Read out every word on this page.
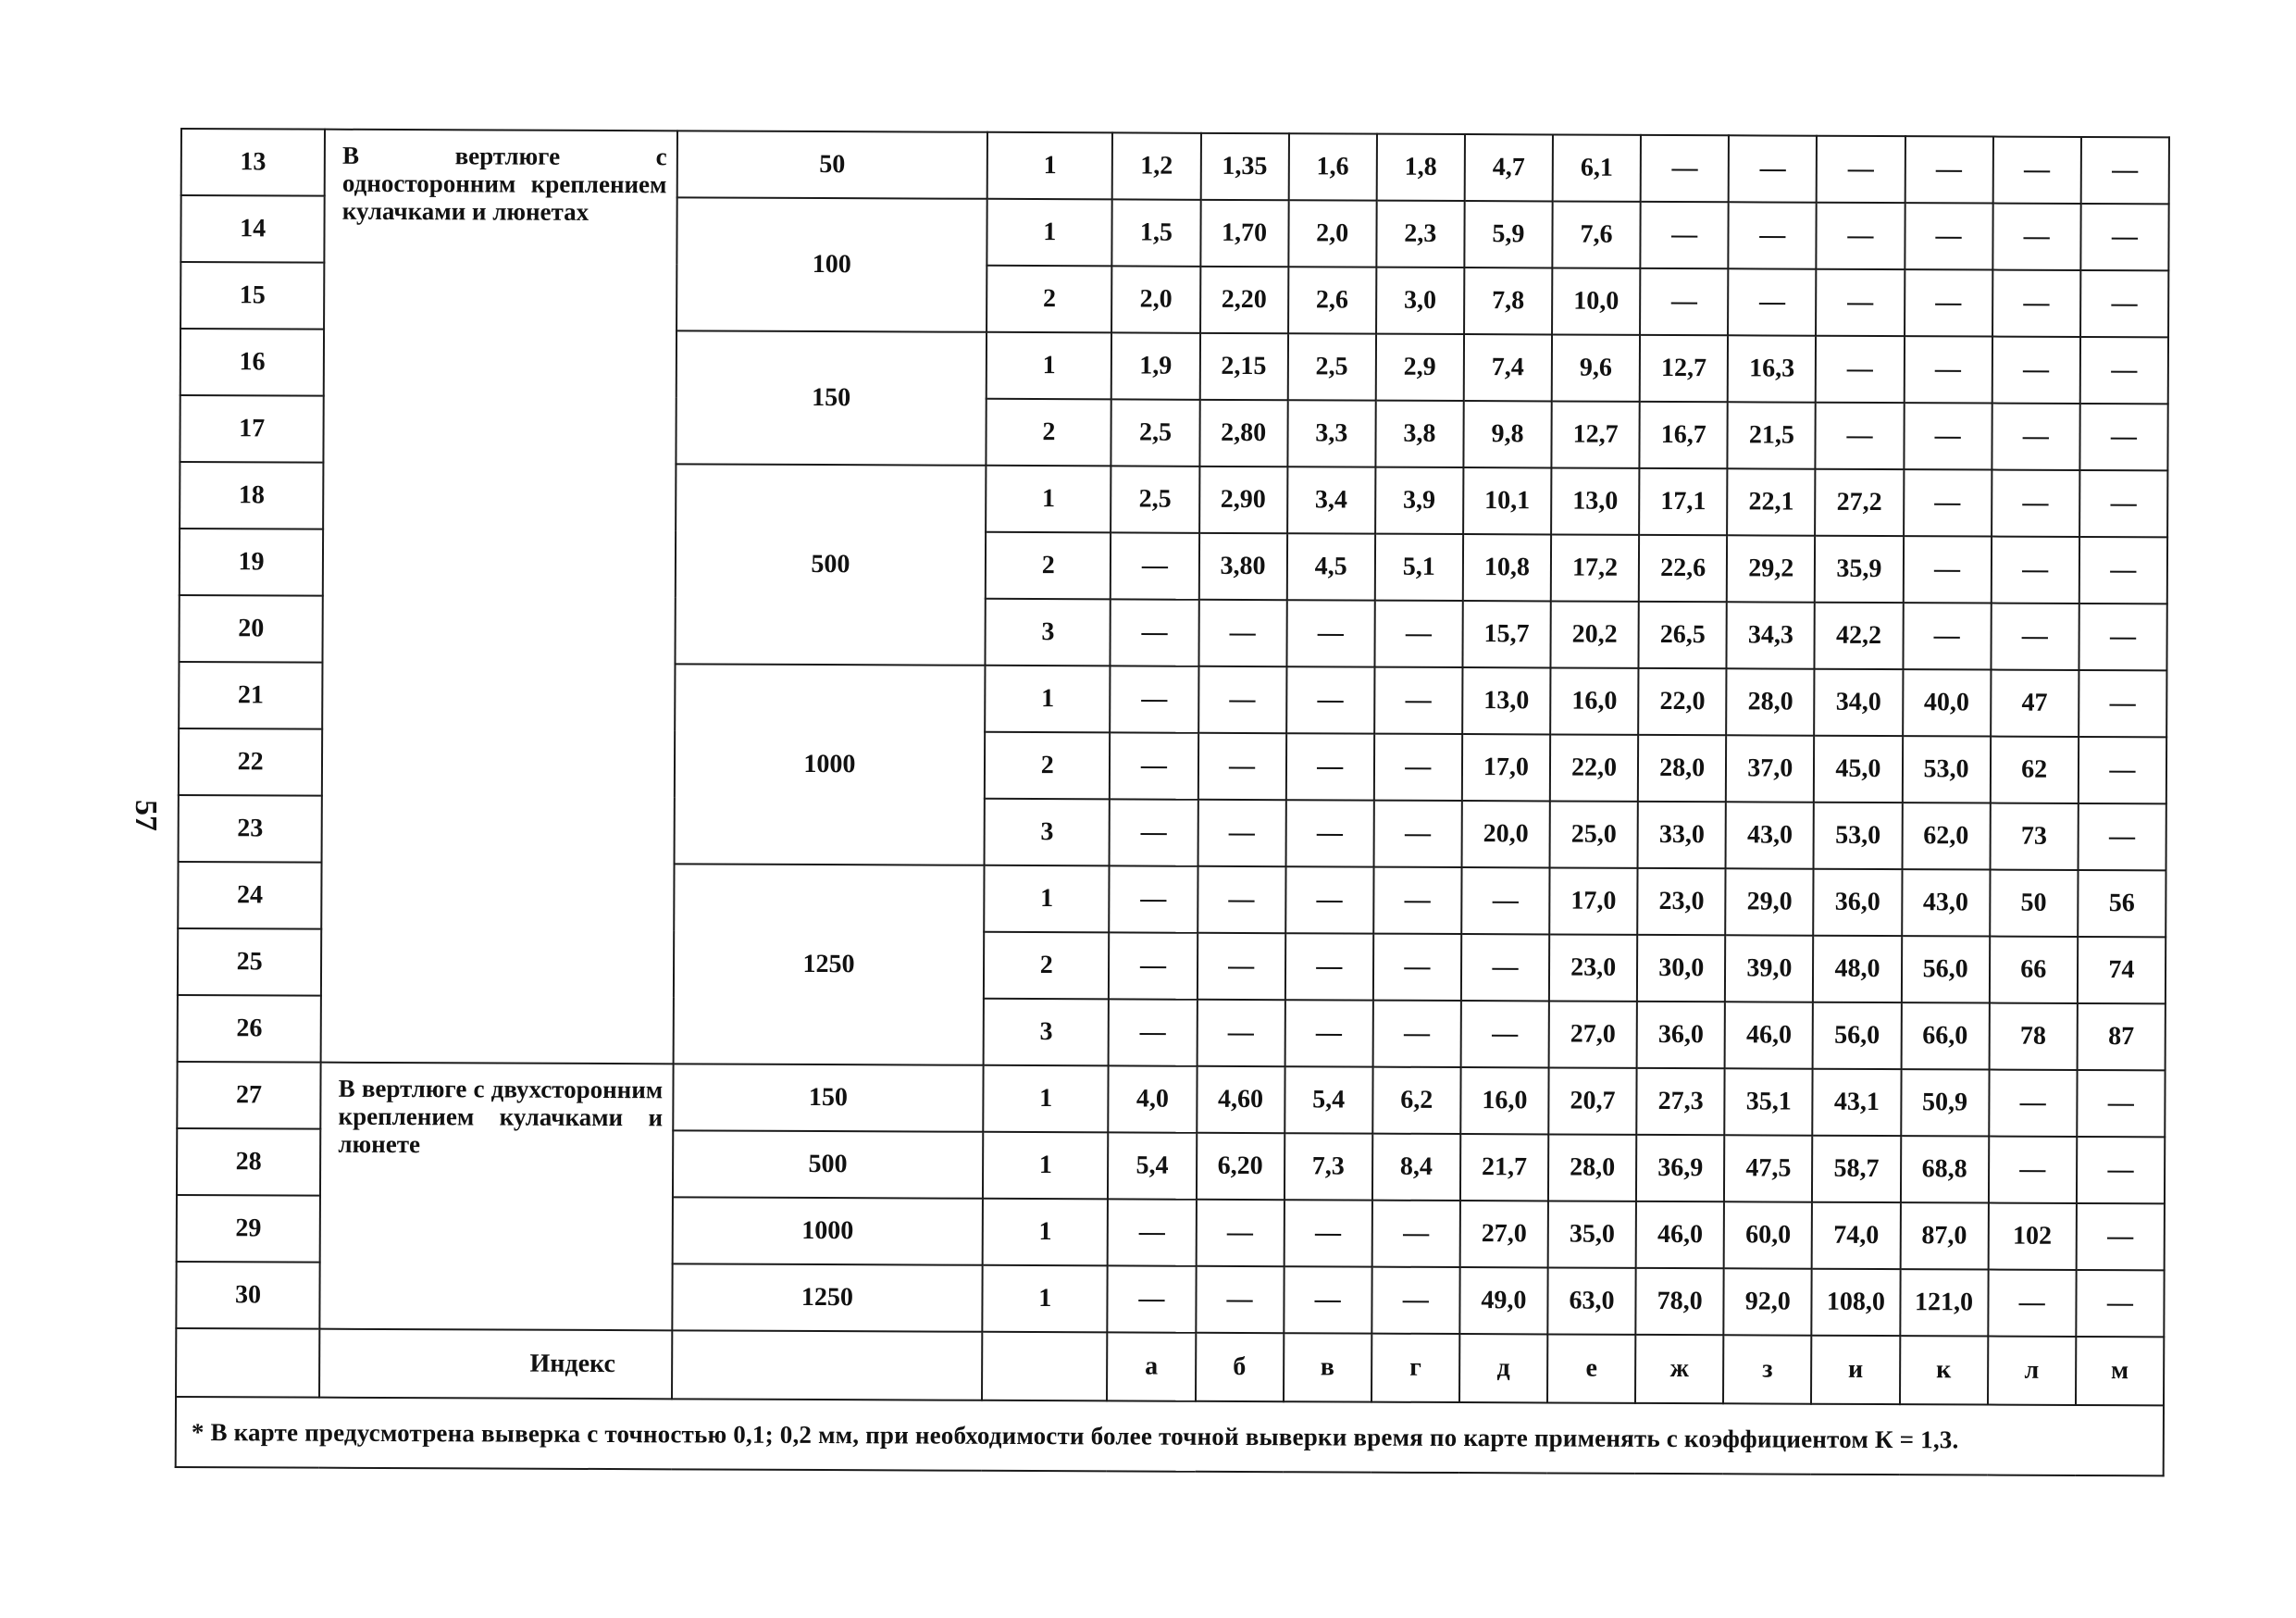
57
13	В вертлюге с односторонним креплением кулачками и люнетах	50	1	1,2	1,35	1,6	1,8	4,7	6,1	—	—	—	—	—	—
14		100	1	1,5	1,70	2,0	2,3	5,9	7,6	—	—	—	—	—	—
15			2	2,0	2,20	2,6	3,0	7,8	10,0	—	—	—	—	—	—
16		150	1	1,9	2,15	2,5	2,9	7,4	9,6	12,7	16,3	—	—	—	—
17			2	2,5	2,80	3,3	3,8	9,8	12,7	16,7	21,5	—	—	—	—
18		500	1	2,5	2,90	3,4	3,9	10,1	13,0	17,1	22,1	27,2	—	—	—
19			2	—	3,80	4,5	5,1	10,8	17,2	22,6	29,2	35,9	—	—	—
20			3	—	—	—	—	15,7	20,2	26,5	34,3	42,2	—	—	—
21		1000	1	—	—	—	—	13,0	16,0	22,0	28,0	34,0	40,0	47	—
22			2	—	—	—	—	17,0	22,0	28,0	37,0	45,0	53,0	62	—
23			3	—	—	—	—	20,0	25,0	33,0	43,0	53,0	62,0	73	—
24		1250	1	—	—	—	—	—	17,0	23,0	29,0	36,0	43,0	50	56
25			2	—	—	—	—	—	23,0	30,0	39,0	48,0	56,0	66	74
26			3	—	—	—	—	—	27,0	36,0	46,0	56,0	66,0	78	87
27	В вертлюге с двухсторонним креплением кулачками и люнете	150	1	4,0	4,60	5,4	6,2	16,0	20,7	27,3	35,1	43,1	50,9	—	—
28		500	1	5,4	6,20	7,3	8,4	21,7	28,0	36,9	47,5	58,7	68,8	—	—
29		1000	1	—	—	—	—	27,0	35,0	46,0	60,0	74,0	87,0	102	—
30		1250	1	—	—	—	—	49,0	63,0	78,0	92,0	108,0	121,0	—	—
	Индекс			а	б	в	г	д	е	ж	з	и	к	л	м
* В карте предусмотрена выверка с точностью 0,1; 0,2 мм, при необходимости более точной выверки время по карте применять с коэффициентом К = 1,3.															
